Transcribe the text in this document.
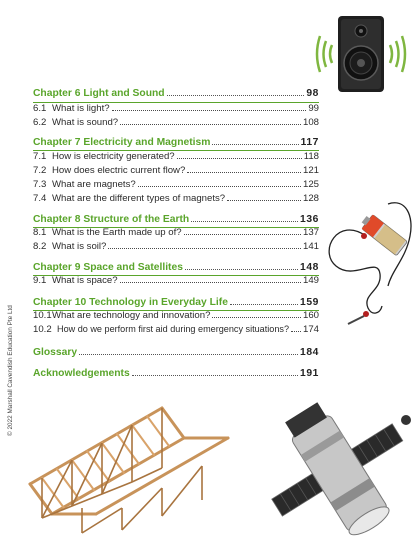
Chapter 6 Light and Sound	98
6.1 What is light?	99
6.2 What is sound?	108
Chapter 7 Electricity and Magnetism	117
7.1 How is electricity generated?	118
7.2 How does electric current flow?	121
7.3 What are magnets?	125
7.4 What are the different types of magnets?	128
Chapter 8 Structure of the Earth	136
8.1 What is the Earth made up of?	137
8.2 What is soil?	141
Chapter 9 Space and Satellites	148
9.1 What is space?	149
Chapter 10 Technology in Everyday Life	159
10.1 What are technology and innovation?	160
10.2 How do we perform first aid during emergency situations? 174
Glossary	184
Acknowledgements	191
© 2022 Marshall Cavendish Education Pte Ltd
